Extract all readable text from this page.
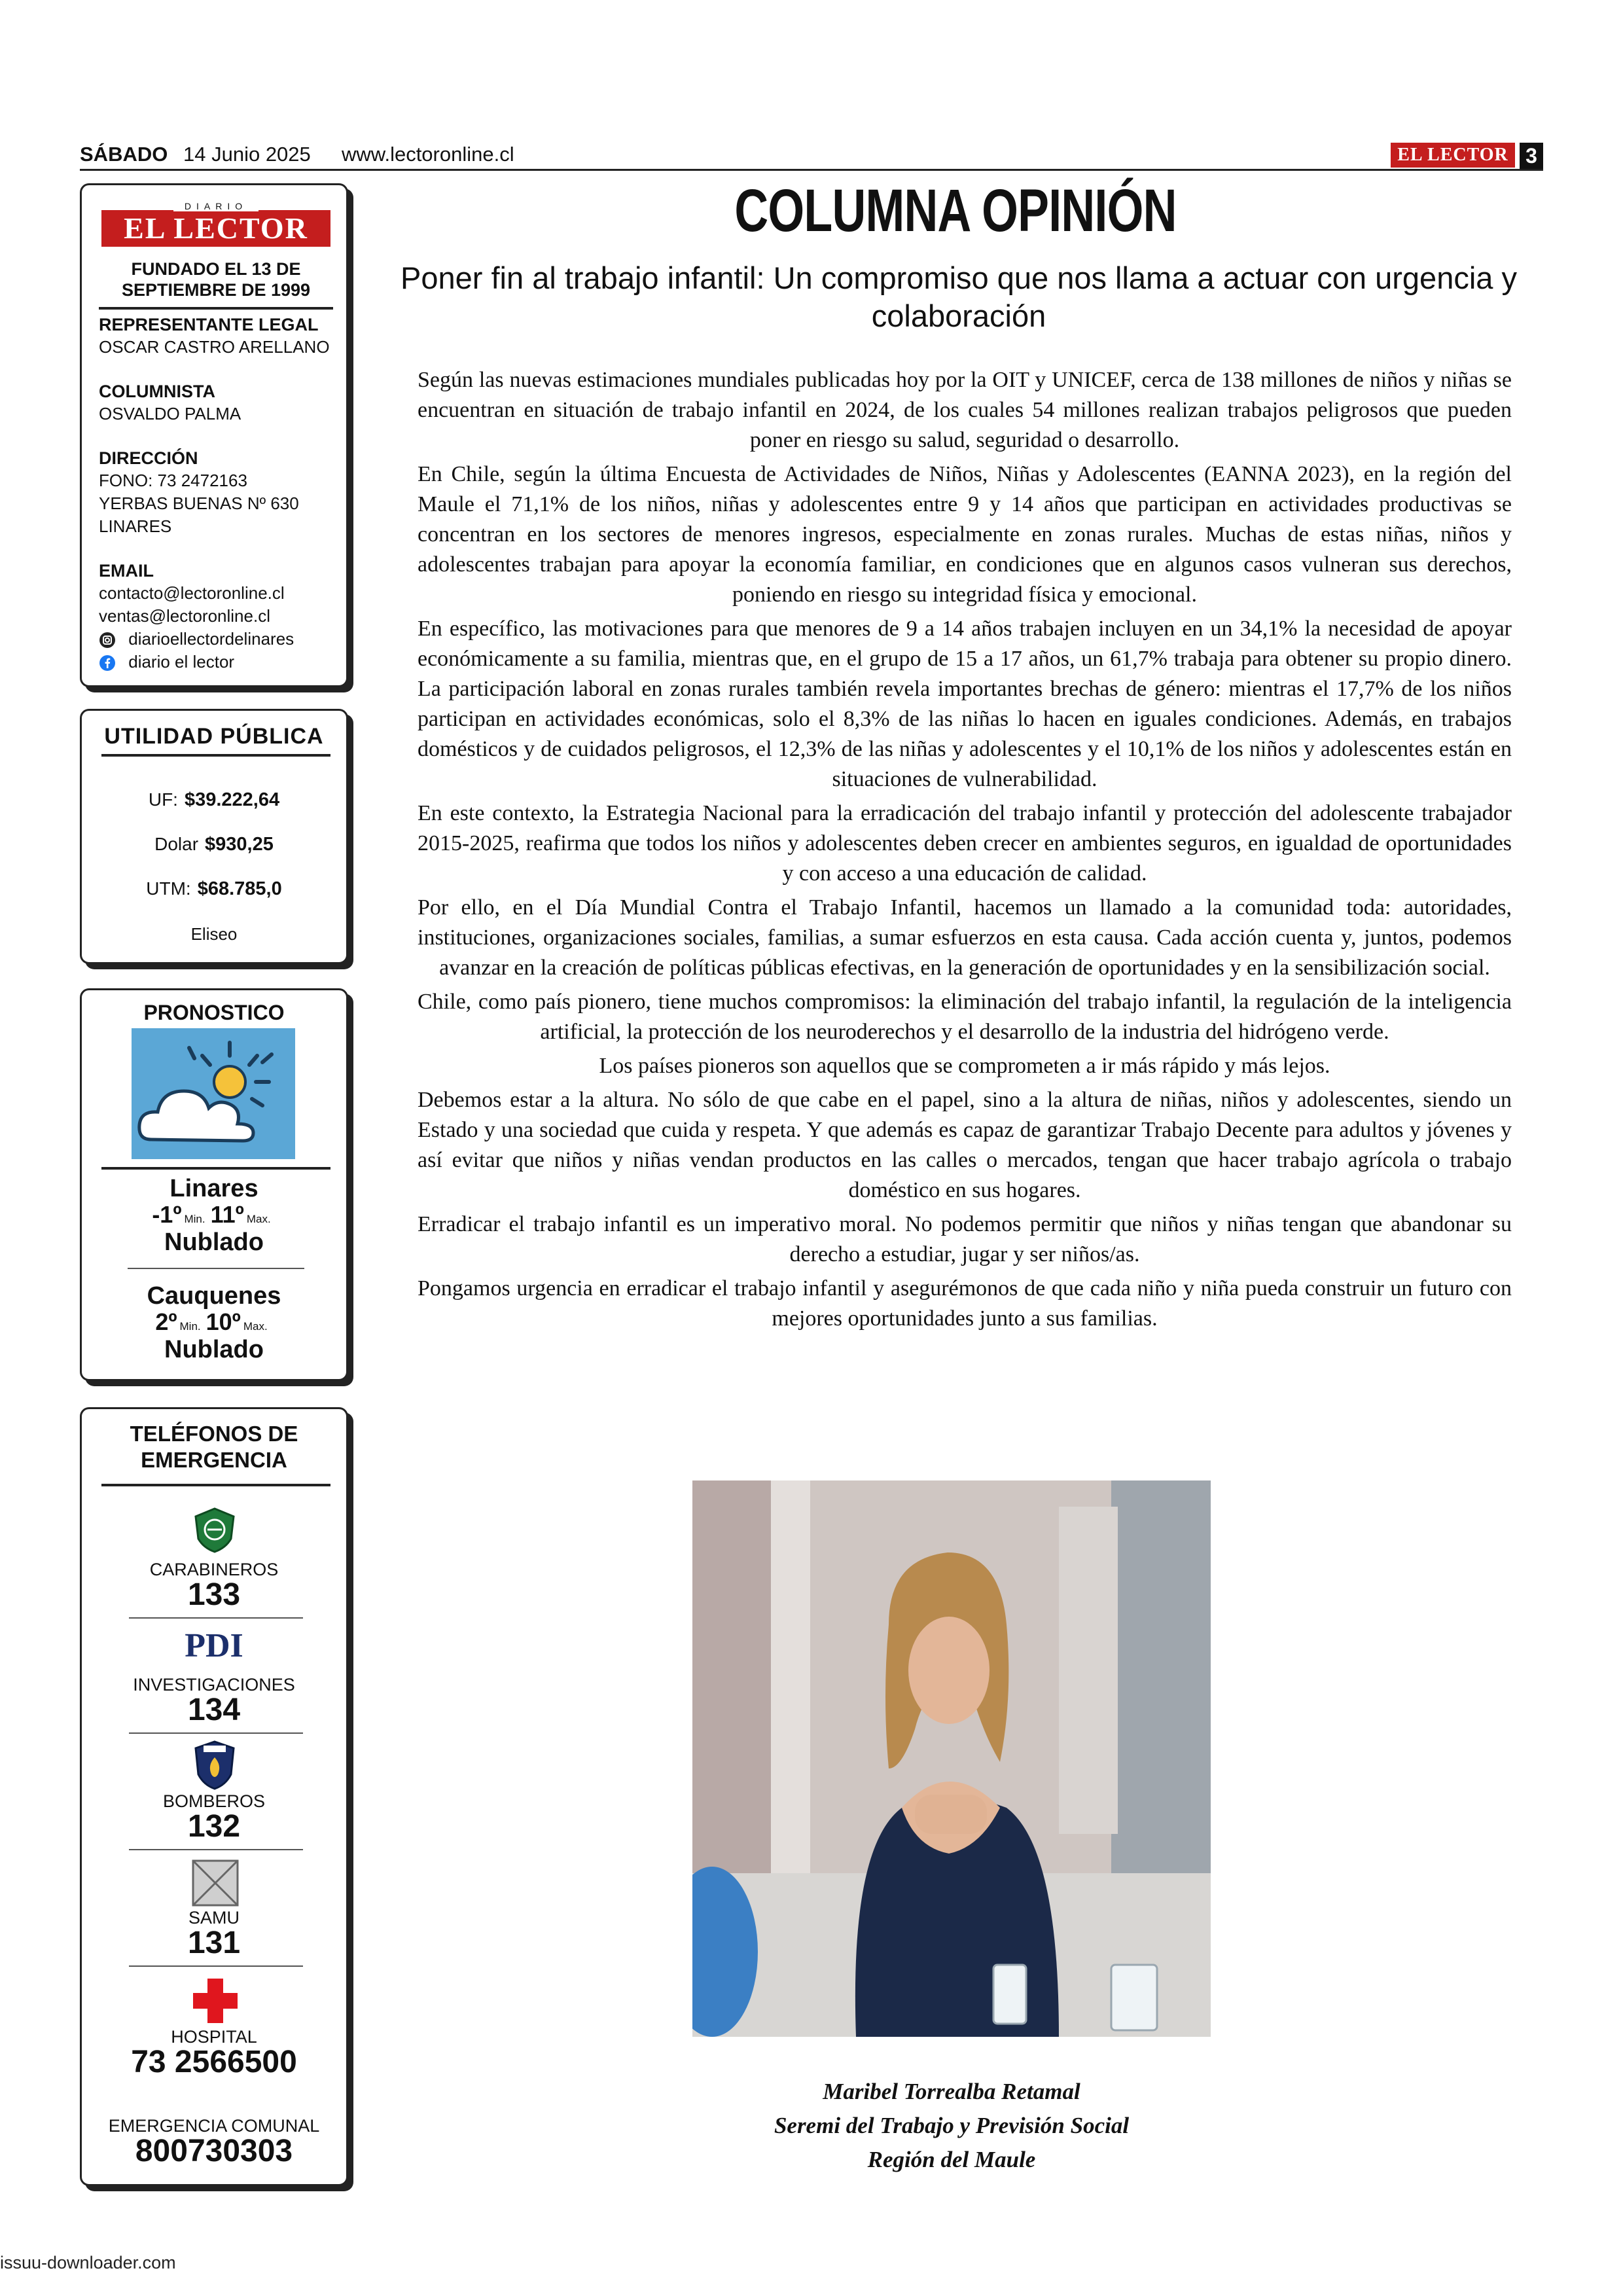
SÁBADO 14 Junio 2025 www.lectoronline.cl	EL LECTOR 3
EL LECTOR
DIARIO
FUNDADO EL 13 DE SEPTIEMBRE DE 1999
REPRESENTANTE LEGAL
OSCAR CASTRO ARELLANO
COLUMNISTA
OSVALDO PALMA
DIRECCIÓN
FONO: 73 2472163
YERBAS BUENAS Nº 630
LINARES
EMAIL
contacto@lectoronline.cl
ventas@lectoronline.cl
diarioellectordelinares
diario el lector
UTILIDAD PÚBLICA
UF: $39.222,64
Dolar $930,25
UTM: $68.785,0
Eliseo
PRONOSTICO
Linares
-1º Min. 11º Max.
Nublado
Cauquenes
2º Min. 10º Max.
Nublado
TELÉFONOS DE EMERGENCIA
CARABINEROS
133
PDI
INVESTIGACIONES
134
BOMBEROS
132
SAMU
131
HOSPITAL
73 2566500
EMERGENCIA COMUNAL
800730303
COLUMNA OPINIÓN
Poner fin al trabajo infantil: Un compromiso que nos llama a actuar con urgencia y colaboración

Según las nuevas estimaciones mundiales publicadas hoy por la OIT y UNICEF, cerca de 138 millones de niños y niñas se encuentran en situación de trabajo infantil en 2024, de los cuales 54 millones realizan trabajos peligrosos que pueden poner en riesgo su salud, seguridad o desarrollo.

En Chile, según la última Encuesta de Actividades de Niños, Niñas y Adolescentes (EANNA 2023), en la región del Maule el 71,1% de los niños, niñas y adolescentes entre 9 y 14 años que participan en actividades productivas se concentran en los sectores de menores ingresos, especialmente en zonas rurales. Muchas de estas niñas, niños y adolescentes trabajan para apoyar la economía familiar, en condiciones que en algunos casos vulneran sus derechos, poniendo en riesgo su integridad física y emocional.

En específico, las motivaciones para que menores de 9 a 14 años trabajen incluyen en un 34,1% la necesidad de apoyar económicamente a su familia, mientras que, en el grupo de 15 a 17 años, un 61,7% trabaja para obtener su propio dinero. La participación laboral en zonas rurales también revela importantes brechas de género: mientras el 17,7% de los niños participan en actividades económicas, solo el 8,3% de las niñas lo hacen en iguales condiciones. Además, en trabajos domésticos y de cuidados peligrosos, el 12,3% de las niñas y adolescentes y el 10,1% de los niños y adolescentes están en situaciones de vulnerabilidad.

En este contexto, la Estrategia Nacional para la erradicación del trabajo infantil y protección del adolescente trabajador 2015-2025, reafirma que todos los niños y adolescentes deben crecer en ambientes seguros, en igualdad de oportunidades y con acceso a una educación de calidad.

Por ello, en el Día Mundial Contra el Trabajo Infantil, hacemos un llamado a la comunidad toda: autoridades, instituciones, organizaciones sociales, familias, a sumar esfuerzos en esta causa. Cada acción cuenta y, juntos, podemos avanzar en la creación de políticas públicas efectivas, en la generación de oportunidades y en la sensibilización social.

Chile, como país pionero, tiene muchos compromisos: la eliminación del trabajo infantil, la regulación de la inteligencia artificial, la protección de los neuroderechos y el desarrollo de la industria del hidrógeno verde.

Los países pioneros son aquellos que se comprometen a ir más rápido y más lejos.

Debemos estar a la altura. No sólo de que cabe en el papel, sino a la altura de niñas, niños y adolescentes, siendo un Estado y una sociedad que cuida y respeta. Y que además es capaz de garantizar Trabajo Decente para adultos y jóvenes y así evitar que niños y niñas vendan productos en las calles o mercados, tengan que hacer trabajo agrícola o trabajo doméstico en sus hogares.

Erradicar el trabajo infantil es un imperativo moral. No podemos permitir que niños y niñas tengan que abandonar su derecho a estudiar, jugar y ser niños/as.

Pongamos urgencia en erradicar el trabajo infantil y asegurémonos de que cada niño y niña pueda construir un futuro con mejores oportunidades junto a sus familias.

Maribel Torrealba Retamal
Seremi del Trabajo y Previsión Social
Región del Maule
issuu-downloader.com
